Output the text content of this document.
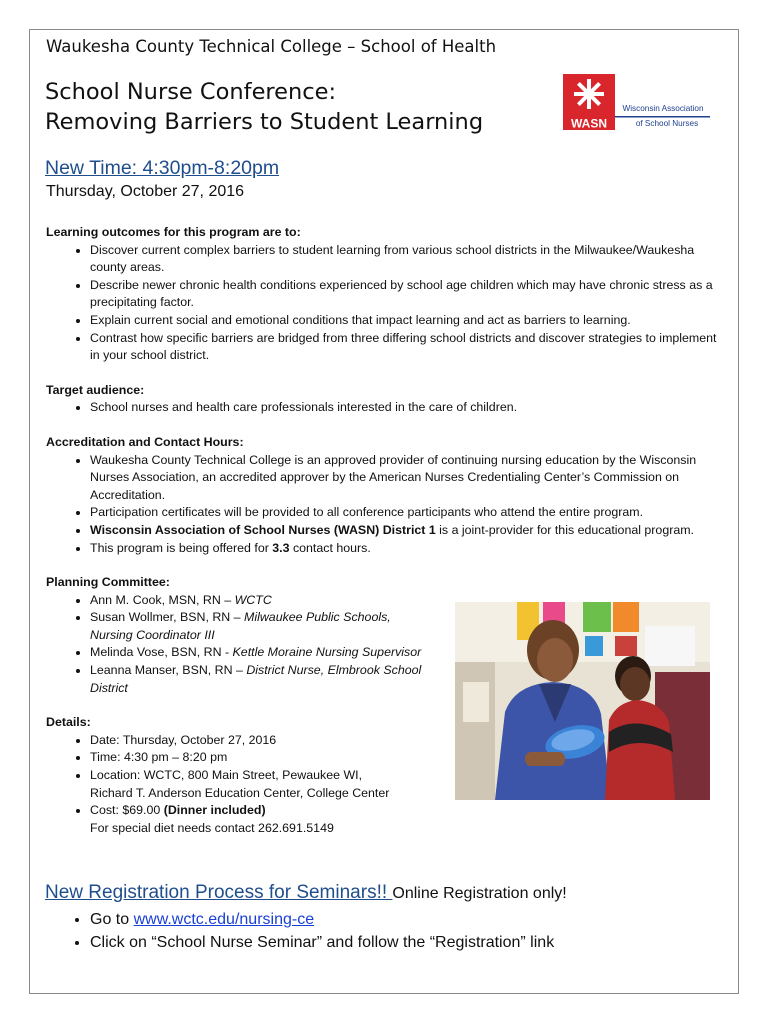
Waukesha County Technical College – School of Health
School Nurse Conference:
Removing Barriers to Student Learning	WASN
Wisconsin Association
of School Nurses
New Time: 4:30pm-8:20pm
Thursday, October 27, 2016
Learning outcomes for this program are to:
• Discover current complex barriers to student learning from various school districts in the Milwaukee/Waukesha county areas.
• Describe newer chronic health conditions experienced by school age children which may have chronic stress as a precipitating factor.
• Explain current social and emotional conditions that impact learning and act as barriers to learning.
• Contrast how specific barriers are bridged from three differing school districts and discover strategies to implement in your school district.
Target audience:
• School nurses and health care professionals interested in the care of children.
Accreditation and Contact Hours:
• Waukesha County Technical College is an approved provider of continuing nursing education by the Wisconsin Nurses Association, an accredited approver by the American Nurses Credentialing Center’s Commission on Accreditation.
• Participation certificates will be provided to all conference participants who attend the entire program.
• Wisconsin Association of School Nurses (WASN) District 1 is a joint-provider for this educational program.
• This program is being offered for 3.3 contact hours.
Planning Committee:
• Ann M. Cook, MSN, RN – WCTC
• Susan Wollmer, BSN, RN – Milwaukee Public Schools, Nursing Coordinator III
• Melinda Vose, BSN, RN - Kettle Moraine Nursing Supervisor
• Leanna Manser, BSN, RN – District Nurse, Elmbrook School District
Details:
• Date: Thursday, October 27, 2016
• Time: 4:30 pm – 8:20 pm
• Location: WCTC, 800 Main Street, Pewaukee WI,
Richard T. Anderson Education Center, College Center
• Cost: $69.00 (Dinner included)
For special diet needs contact 262.691.5149
New Registration Process for Seminars!! Online Registration only!
• Go to www.wctc.edu/nursing-ce
• Click on “School Nurse Seminar” and follow the “Registration” link
